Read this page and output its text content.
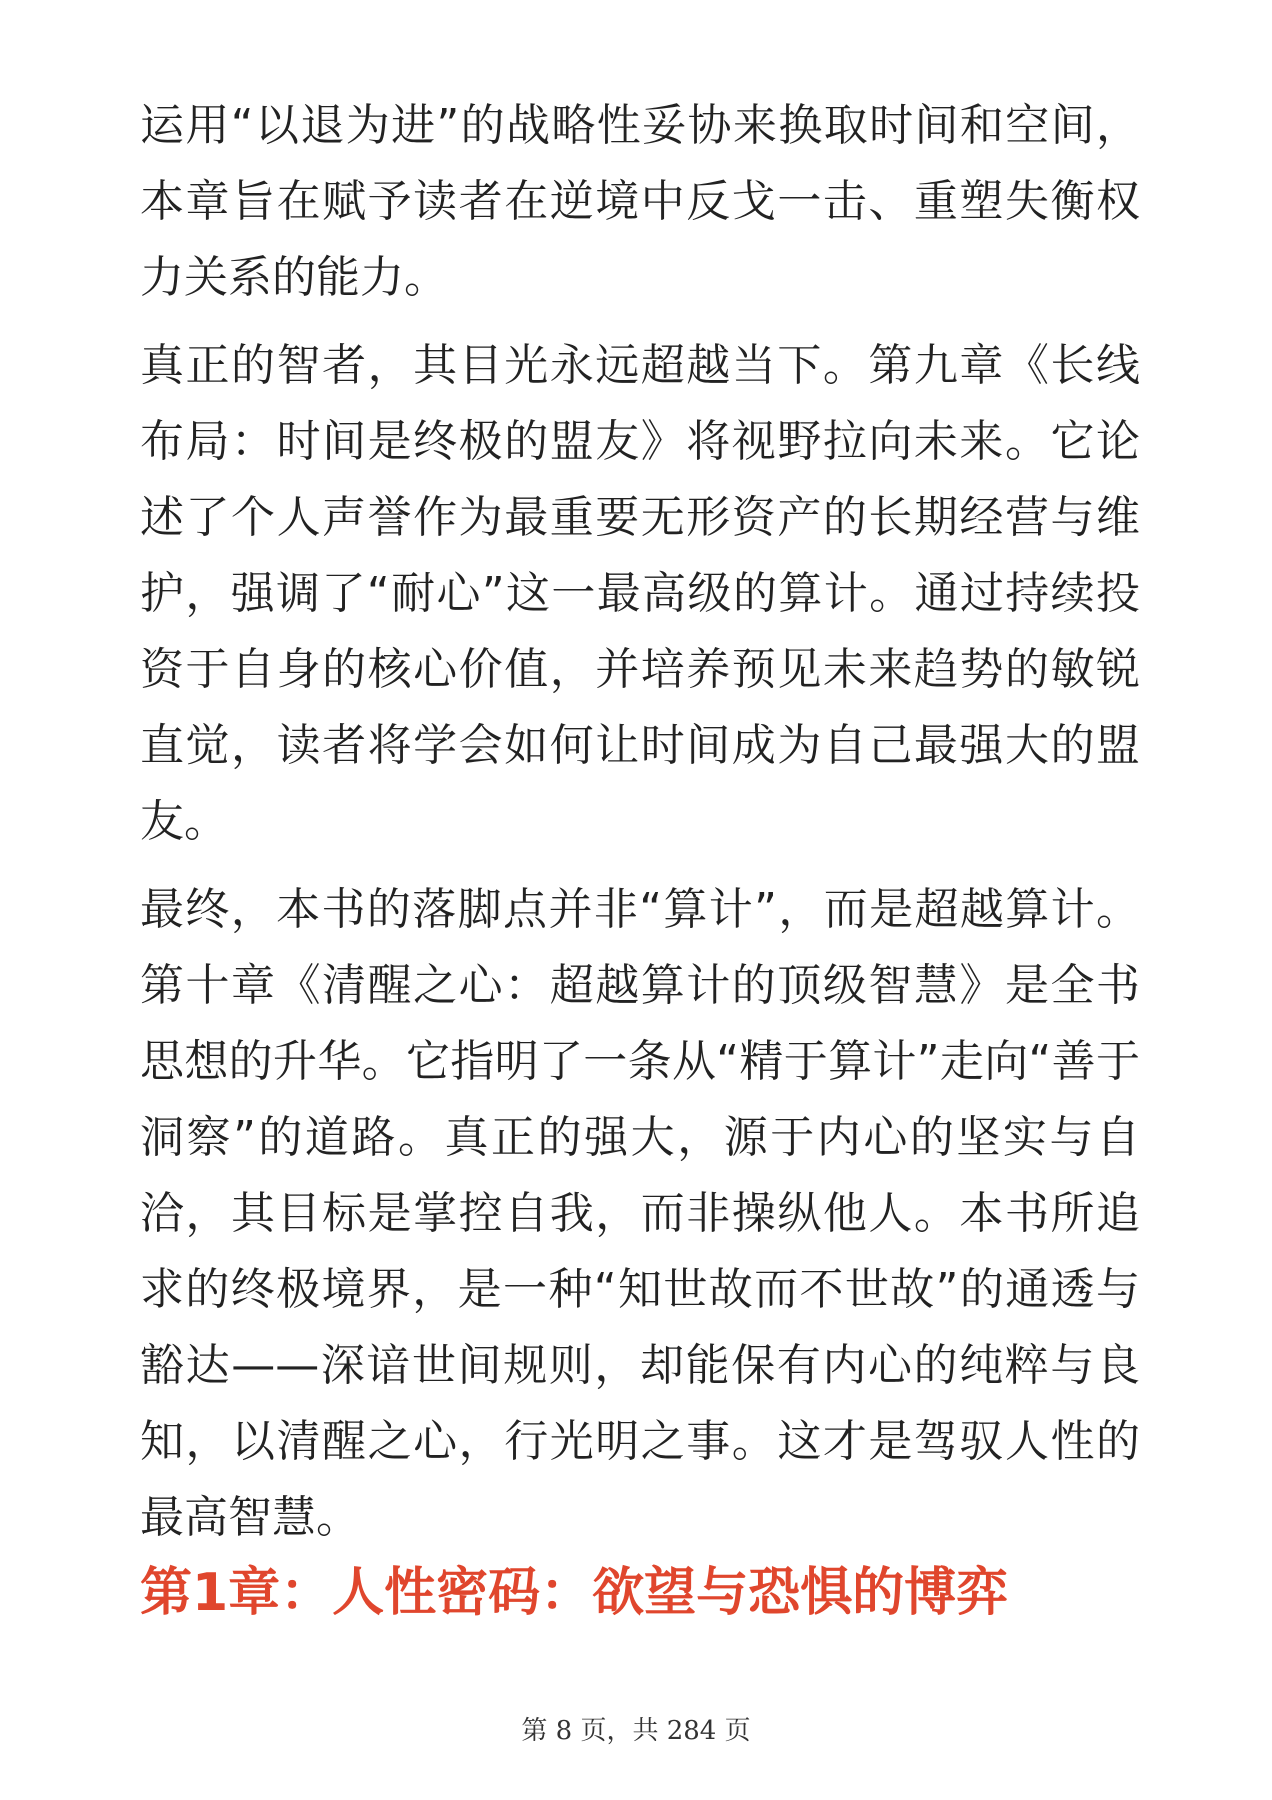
运用“以退为进”的战略性妥协来换取时间和空间，本章旨在赋予读者在逆境中反戈一击、重塑失衡权力关系的能力。

真正的智者，其目光永远超越当下。第九章《长线布局：时间是终极的盟友》将视野拉向未来。它论述了个人声誉作为最重要无形资产的长期经营与维护，强调了“耐心”这一最高级的算计。通过持续投资于自身的核心价值，并培养预见未来趋势的敏锐直觉，读者将学会如何让时间成为自己最强大的盟友。

最终，本书的落脚点并非“算计”，而是超越算计。第十章《清醒之心：超越算计的顶级智慧》是全书思想的升华。它指明了一条从“精于算计”走向“善于洞察”的道路。真正的强大，源于内心的坚实与自洽，其目标是掌控自我，而非操纵他人。本书所追求的终极境界，是一种“知世故而不世故”的通透与豁达——深谙世间规则，却能保有内心的纯粹与良知，以清醒之心，行光明之事。这才是驾驭人性的最高智慧。

第1章：人性密码：欲望与恐惧的博弈
第 8 页，共 284 页
